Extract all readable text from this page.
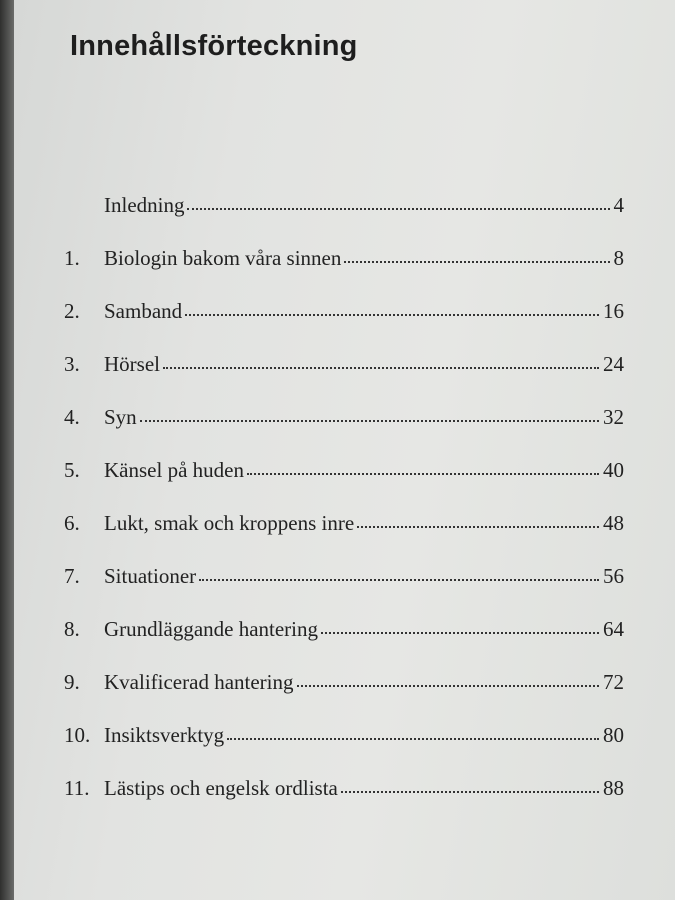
Innehållsförteckning
Inledning	4
1.	Biologin bakom våra sinnen	8
2.	Samband	16
3.	Hörsel	24
4.	Syn	32
5.	Känsel på huden	40
6.	Lukt, smak och kroppens inre	48
7.	Situationer	56
8.	Grundläggande hantering	64
9.	Kvalificerad hantering	72
10. Insiktsverktyg	80
11. Lästips och engelsk ordlista	88
